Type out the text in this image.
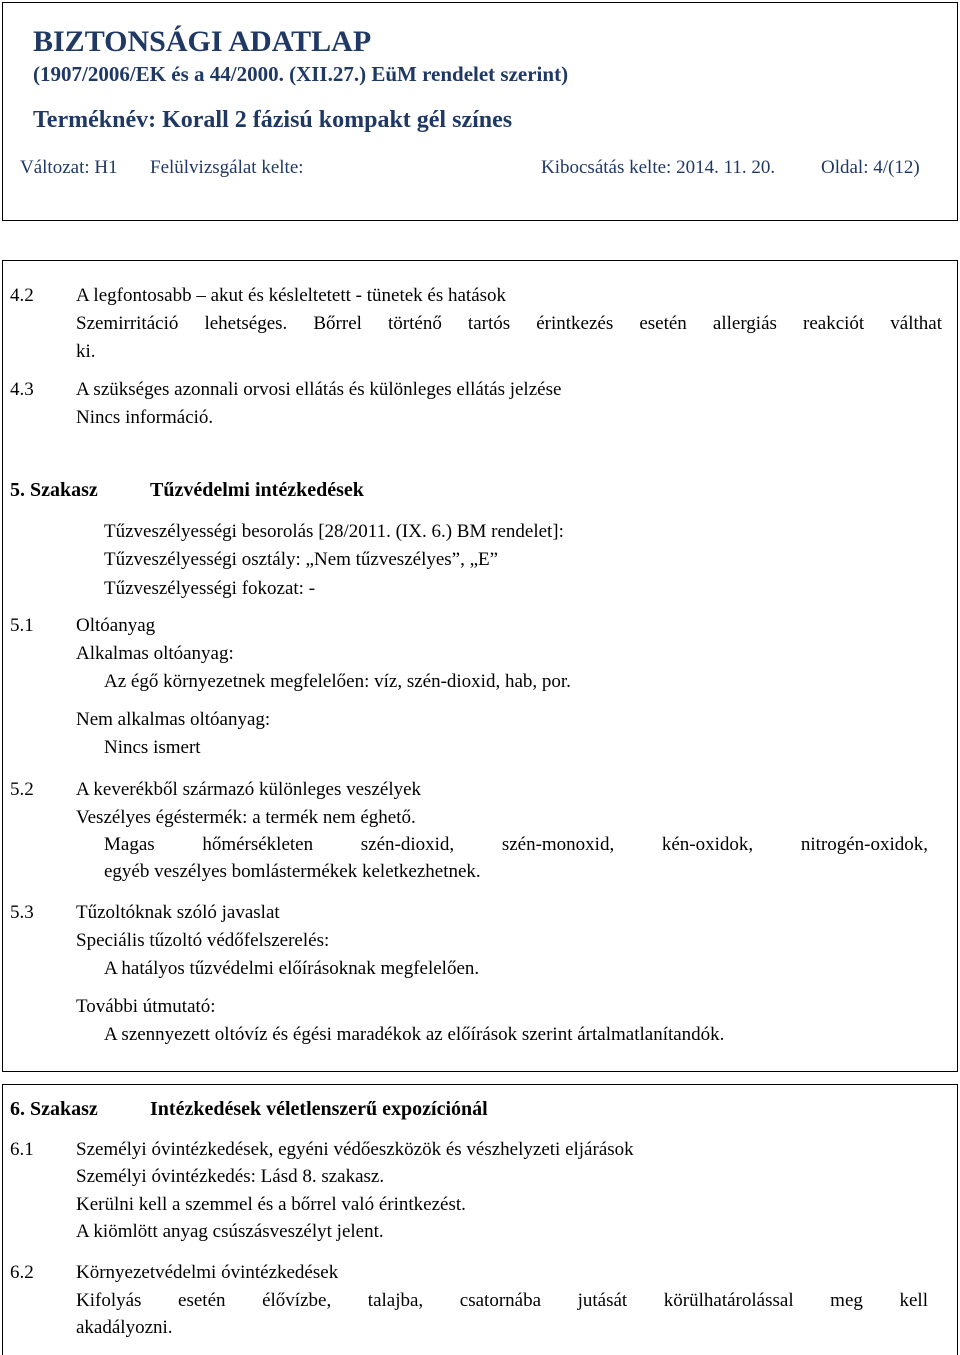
BIZTONSÁGI ADATLAP
(1907/2006/EK és a 44/2000. (XII.27.) EüM rendelet szerint)
Terméknév: Korall 2 fázisú kompakt gél színes
Változat: H1 Felülvizsgálat kelte:	Kibocsátás kelte: 2014. 11. 20. Oldal: 4/(12)
4.2 A legfontosabb – akut és késleltetett - tünetek és hatások
Szemirritáció lehetséges. Bőrrel történő tartós érintkezés esetén allergiás reakciót válthat
ki.
4.3 A szükséges azonnali orvosi ellátás és különleges ellátás jelzése
Nincs információ.
5. Szakasz	Tűzvédelmi intézkedések
Tűzveszélyességi besorolás [28/2011. (IX. 6.) BM rendelet]:
Tűzveszélyességi osztály: „Nem tűzveszélyes”, „E”
Tűzveszélyességi fokozat: -
5.1 Oltóanyag
Alkalmas oltóanyag:
Az égő környezetnek megfelelően: víz, szén-dioxid, hab, por.
Nem alkalmas oltóanyag:
Nincs ismert
5.2 A keverékből származó különleges veszélyek
Veszélyes égéstermék: a termék nem éghető.
Magas hőmérsékleten szén-dioxid, szén-monoxid, kén-oxidok, nitrogén-oxidok,
egyéb veszélyes bomlástermékek keletkezhetnek.
5.3 Tűzoltóknak szóló javaslat
Speciális tűzoltó védőfelszerelés:
A hatályos tűzvédelmi előírásoknak megfelelően.
További útmutató:
A szennyezett oltóvíz és égési maradékok az előírások szerint ártalmatlanítandók.
6. Szakasz	Intézkedések véletlenszerű expozíciónál
6.1 Személyi óvintézkedések, egyéni védőeszközök és vészhelyzeti eljárások
Személyi óvintézkedés: Lásd 8. szakasz.
Kerülni kell a szemmel és a bőrrel való érintkezést.
A kiömlött anyag csúszásveszélyt jelent.
6.2 Környezetvédelmi óvintézkedések
Kifolyás esetén élővízbe, talajba, csatornába jutását körülhatárolással meg kell
akadályozni.
